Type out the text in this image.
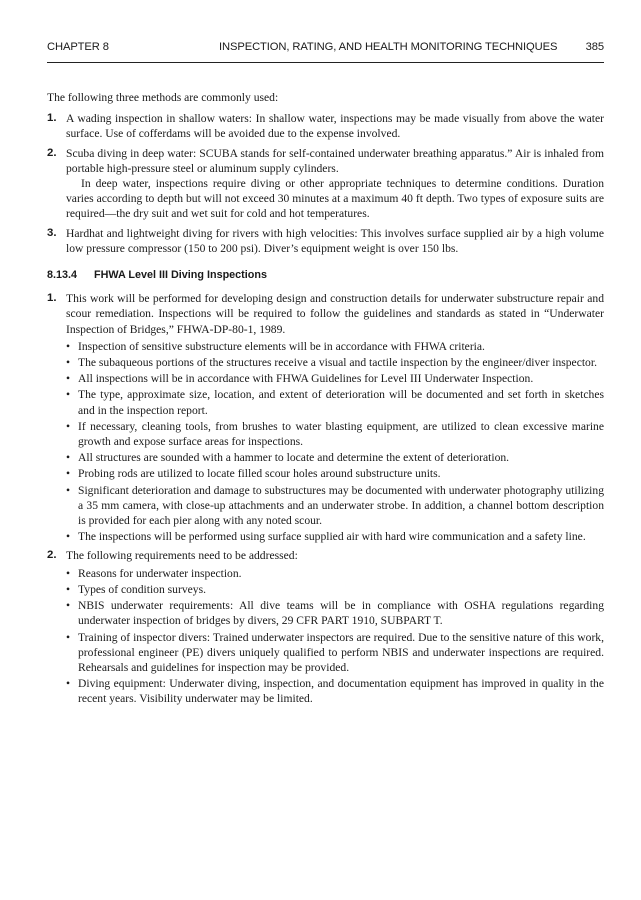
CHAPTER 8	INSPECTION, RATING, AND HEALTH MONITORING TECHNIQUES	385

The following three methods are commonly used:

1. A wading inspection in shallow waters: In shallow water, inspections may be made visually from above the water surface. Use of cofferdams will be avoided due to the expense involved.

2. Scuba diving in deep water: SCUBA stands for self-contained underwater breathing apparatus.” Air is inhaled from portable high-pressure steel or aluminum supply cylinders.

In deep water, inspections require diving or other appropriate techniques to determine conditions. Duration varies according to depth but will not exceed 30 minutes at a maximum 40 ft depth. Two types of exposure suits are required—the dry suit and wet suit for cold and hot temperatures.

3. Hardhat and lightweight diving for rivers with high velocities: This involves surface supplied air by a high volume low pressure compressor (150 to 200 psi). Diver’s equipment weight is over 150 lbs.

8.13.4 FHWA Level III Diving Inspections
1. This work will be performed for developing design and construction details for underwater substructure repair and scour remediation. Inspections will be required to follow the guidelines and standards as stated in “Underwater Inspection of Bridges,” FHWA-DP-80-1, 1989.

• Inspection of sensitive substructure elements will be in accordance with FHWA criteria.
• The subaqueous portions of the structures receive a visual and tactile inspection by the engineer/diver inspector.
• All inspections will be in accordance with FHWA Guidelines for Level III Underwater Inspection.
• The type, approximate size, location, and extent of deterioration will be documented and set forth in sketches and in the inspection report.
• If necessary, cleaning tools, from brushes to water blasting equipment, are utilized to clean excessive marine growth and expose surface areas for inspections.
• All structures are sounded with a hammer to locate and determine the extent of deterioration.
• Probing rods are utilized to locate filled scour holes around substructure units.
• Significant deterioration and damage to substructures may be documented with underwater photography utilizing a 35 mm camera, with close-up attachments and an underwater strobe. In addition, a channel bottom description is provided for each pier along with any noted scour.
• The inspections will be performed using surface supplied air with hard wire communication and a safety line.
2. The following requirements need to be addressed:

• Reasons for underwater inspection.
• Types of condition surveys.
• NBIS underwater requirements: All dive teams will be in compliance with OSHA regulations regarding underwater inspection of bridges by divers, 29 CFR PART 1910, SUBPART T.
• Training of inspector divers: Trained underwater inspectors are required. Due to the sensitive nature of this work, professional engineer (PE) divers uniquely qualified to perform NBIS and underwater inspections are required. Rehearsals and guidelines for inspection may be provided.
• Diving equipment: Underwater diving, inspection, and documentation equipment has improved in quality in the recent years. Visibility underwater may be limited.
